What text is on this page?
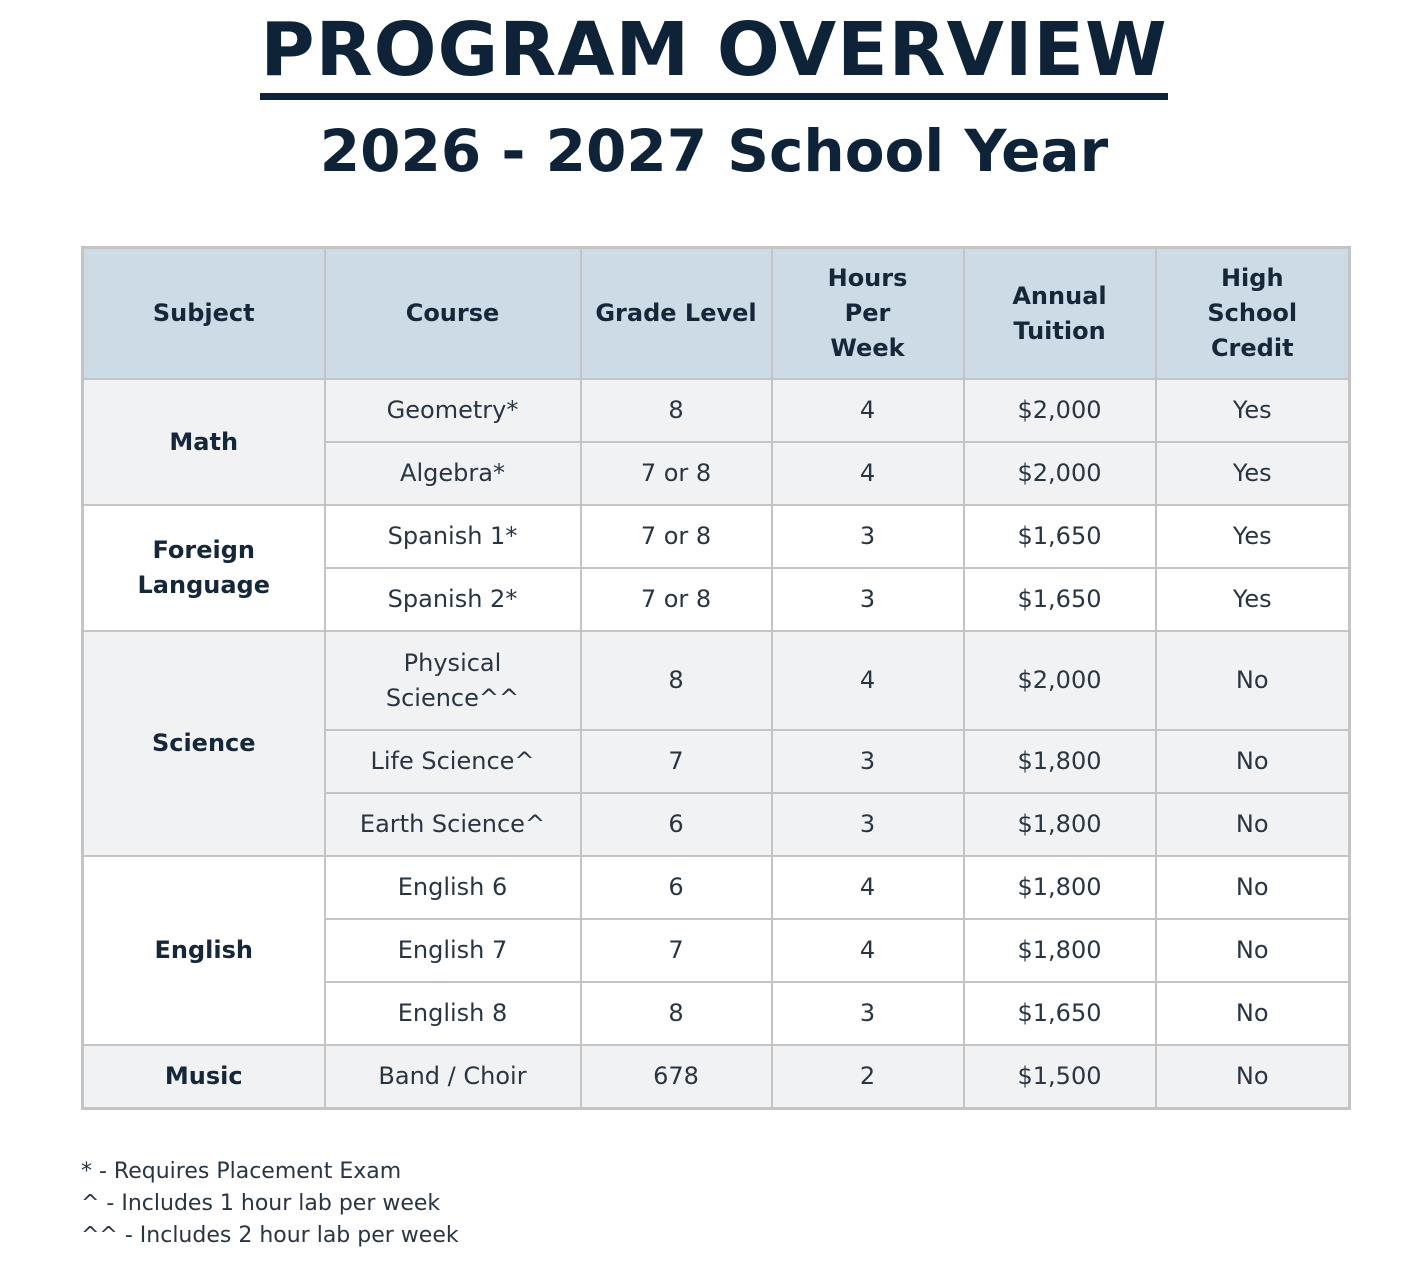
PROGRAM OVERVIEW
2026 - 2027 School Year
Subject	Course	Grade Level	Hours Per Week	Annual Tuition	High School Credit
Math	Geometry*	8	4	$2,000	Yes
	Algebra*	7 or 8	4	$2,000	Yes
Foreign Language	Spanish 1*	7 or 8	3	$1,650	Yes
	Spanish 2*	7 or 8	3	$1,650	Yes
Science	Physical Science^^	8	4	$2,000	No
	Life Science^	7	3	$1,800	No
	Earth Science^	6	3	$1,800	No
English	English 6	6	4	$1,800	No
	English 7	7	4	$1,800	No
	English 8	8	3	$1,650	No
Music	Band / Choir	678	2	$1,500	No
* - Requires Placement Exam
^ - Includes 1 hour lab per week
^^ - Includes 2 hour lab per week
